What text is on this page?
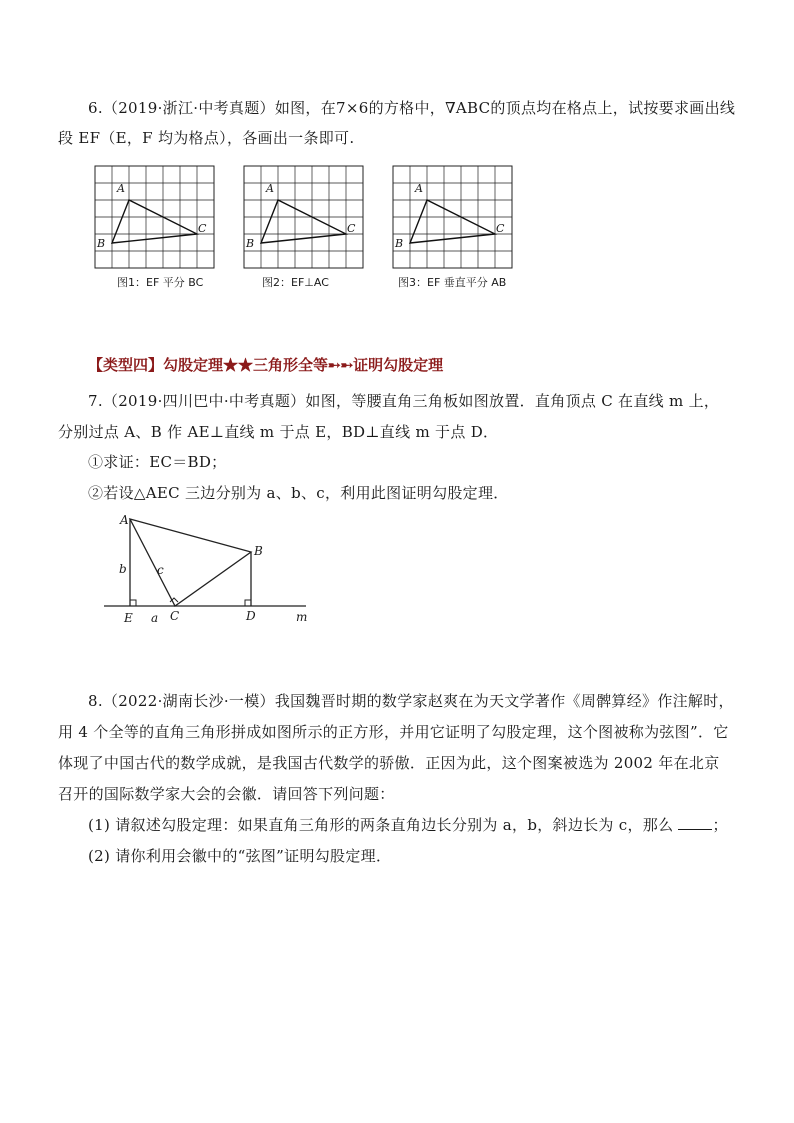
6.（2019·浙江·中考真题）如图，在7×6的方格中，∇ABC的顶点均在格点上，试按要求画出线
段 EF（E，F 均为格点），各画出一条即可.
A
B
C
A
B
C
A
B
C
图1：EF 平分 BC	图2：EF⊥AC	图3：EF 垂直平分 AB
【类型四】勾股定理★★三角形全等➸➸证明勾股定理
7.（2019·四川巴中·中考真题）如图，等腰直角三角板如图放置．直角顶点 C 在直线 m 上，
分别过点 A、B 作 AE⊥直线 m 于点 E，BD⊥直线 m 于点 D．
①求证：EC＝BD；
②若设△AEC 三边分别为 a、b、c，利用此图证明勾股定理．
A
B
C	D
E	m
a
b	c
8.（2022·湖南长沙·一模）我国魏晋时期的数学家赵爽在为天文学著作《周髀算经》作注解时，
用 4 个全等的直角三角形拼成如图所示的正方形，并用它证明了勾股定理，这个图被称为弦图”．它
体现了中国古代的数学成就，是我国古代数学的骄傲．正因为此，这个图案被选为 2002 年在北京
召开的国际数学家大会的会徽．请回答下列问题：
(1) 请叙述勾股定理：如果直角三角形的两条直角边长分别为 a，b，斜边长为 c，那么	；
(2) 请你利用会徽中的“弦图”证明勾股定理．
